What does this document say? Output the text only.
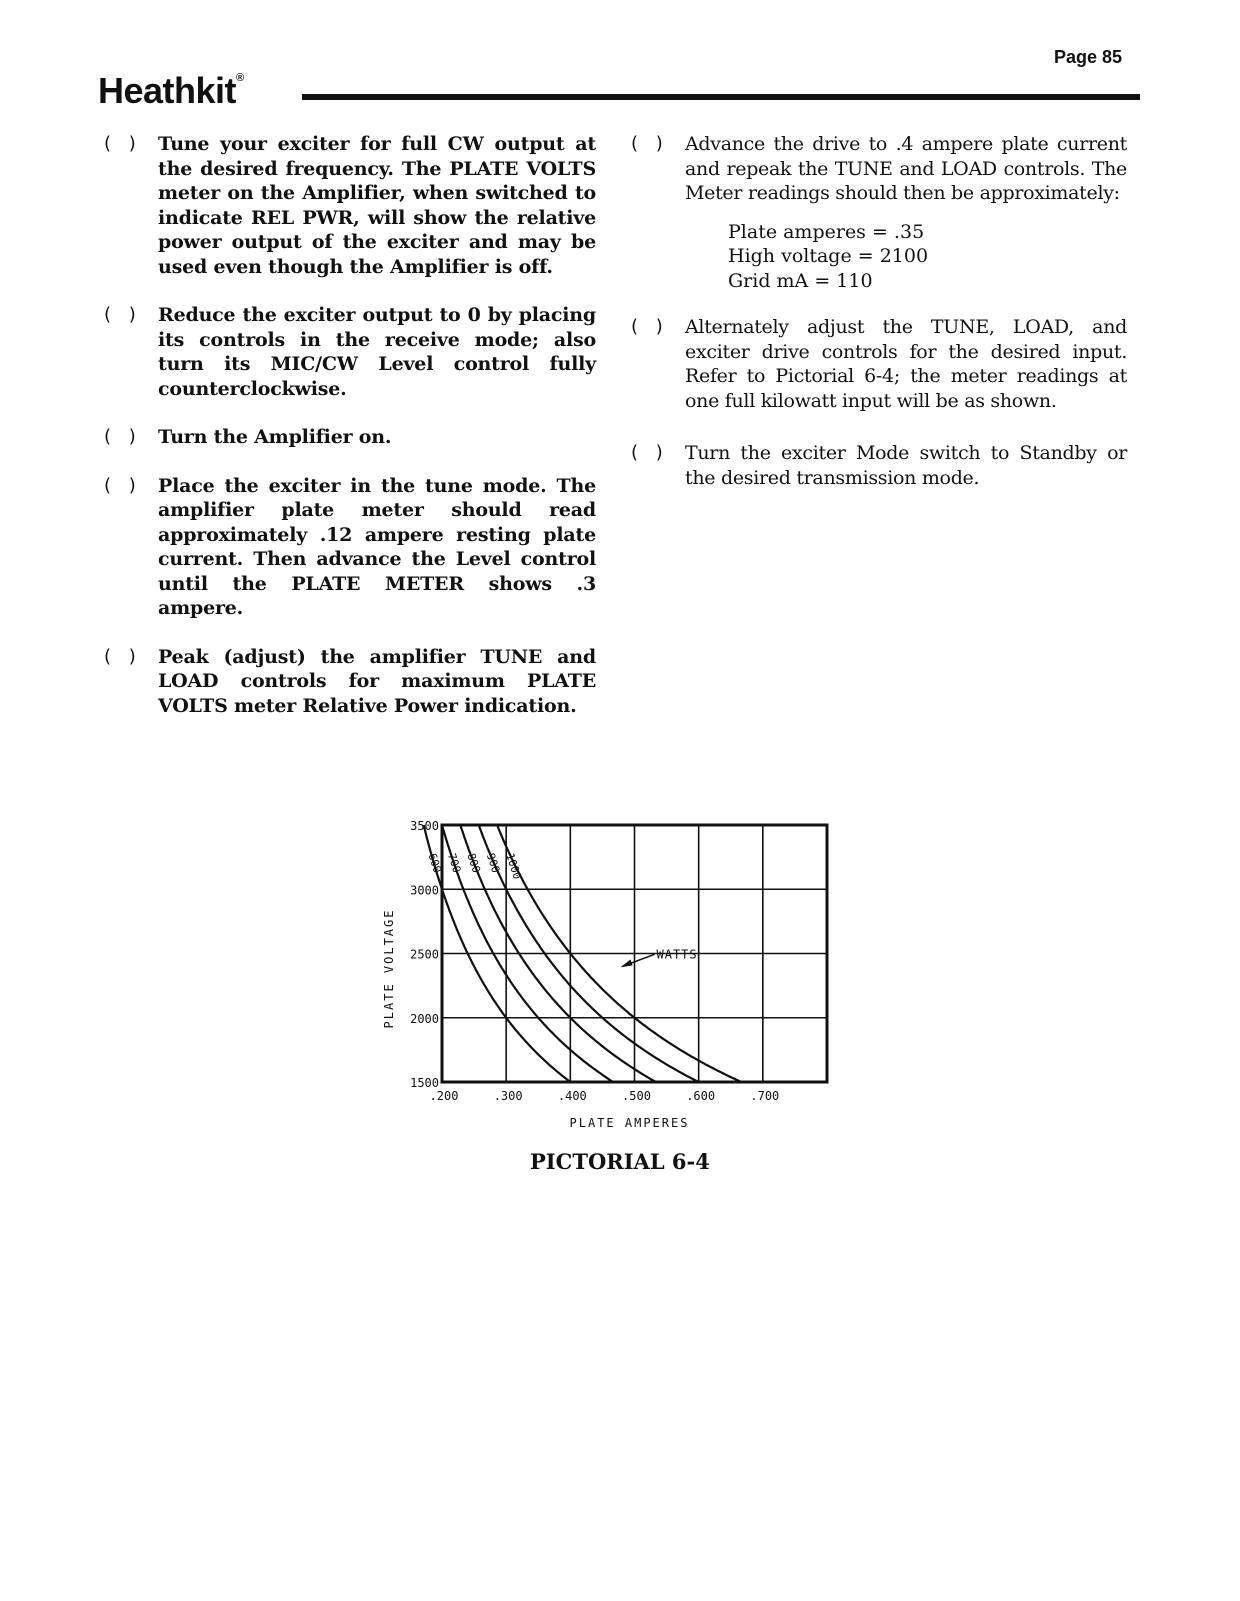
Page 85
Heathkit®
( ) Tune your exciter for full CW output at the desired frequency. The PLATE VOLTS meter on the Amplifier, when switched to indicate REL PWR, will show the relative power output of the exciter and may be used even though the Amplifier is off.
( ) Reduce the exciter output to 0 by placing its controls in the receive mode; also turn its MIC/CW Level control fully counterclockwise.
( ) Turn the Amplifier on.
( ) Place the exciter in the tune mode. The amplifier plate meter should read approximately .12 ampere resting plate current. Then advance the Level control until the PLATE METER shows .3 ampere.
( ) Peak (adjust) the amplifier TUNE and LOAD controls for maximum PLATE VOLTS meter Relative Power indication.
( ) Advance the drive to .4 ampere plate current and repeak the TUNE and LOAD controls. The Meter readings should then be approximately:
Plate amperes = .35
High voltage = 2100
Grid mA = 110
( ) Alternately adjust the TUNE, LOAD, and exciter drive controls for the desired input. Refer to Pictorial 6-4; the meter readings at one full kilowatt input will be as shown.
( ) Turn the exciter Mode switch to Standby or the desired transmission mode.
1500
2000
2500
3000
3500
.200	.300	.400	.500	.600	.700
PLATE AMPERES
PLATE VOLTAGE
600 700 800 900 1000
WATTS
PICTORIAL 6-4
